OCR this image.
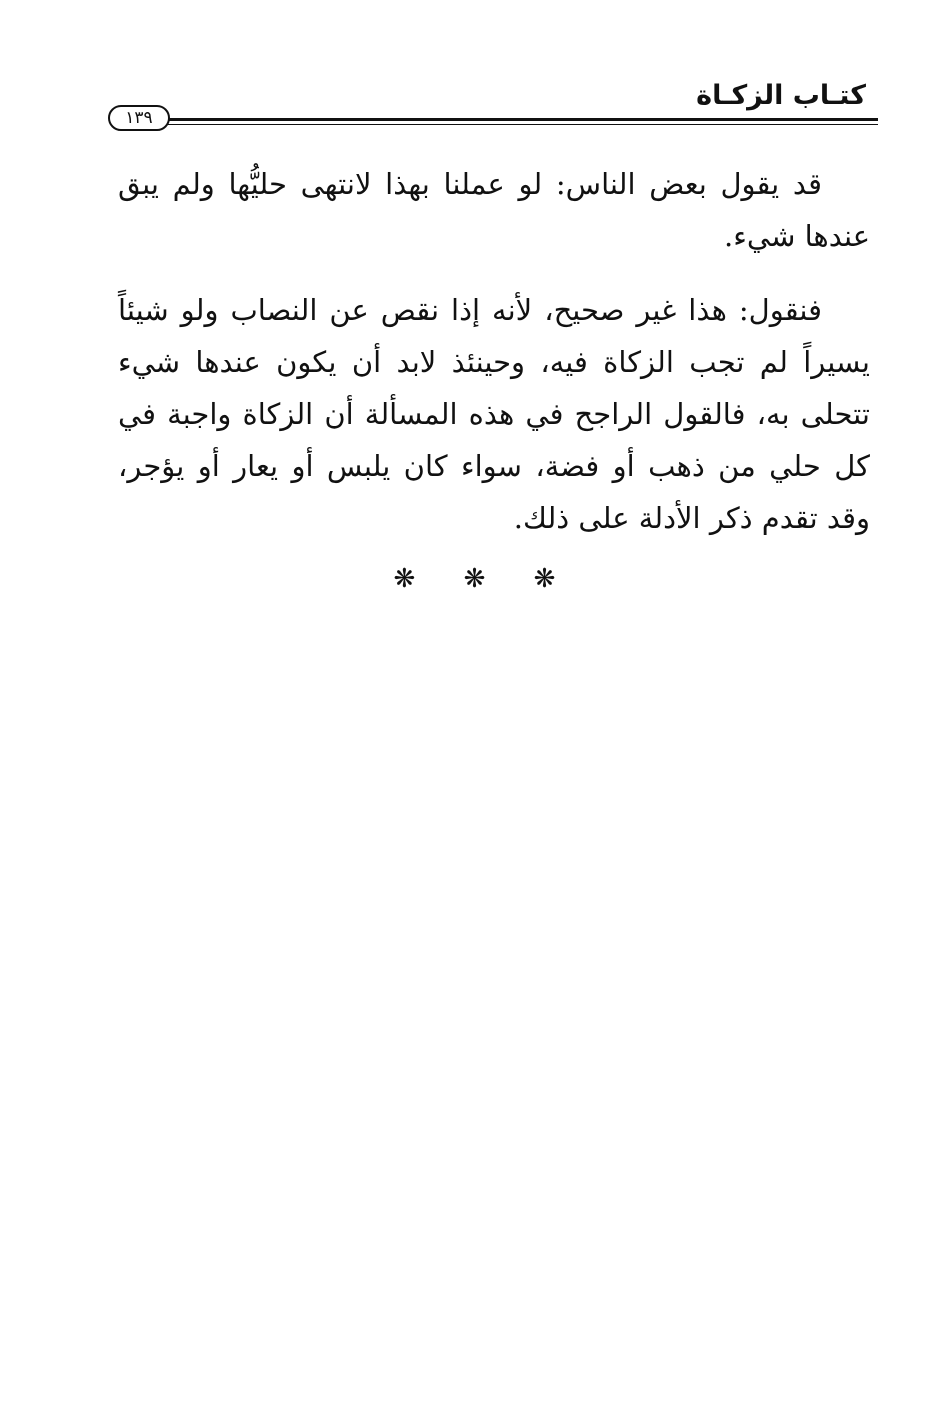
كتـاب الزكـاة
١٣٩

قد يقول بعض الناس: لو عملنا بهذا لانتهى حليُّها ولم يبق عندها شيء.

فنقول: هذا غير صحيح، لأنه إذا نقص عن النصاب ولو شيئاً يسيراً لم تجب الزكاة فيه، وحينئذ لابد أن يكون عندها شيء تتحلى به، فالقول الراجح في هذه المسألة أن الزكاة واجبة في كل حلي من ذهب أو فضة، سواء كان يلبس أو يعار أو يؤجر، وقد تقدم ذكر الأدلة على ذلك.

❋ ❋ ❋
